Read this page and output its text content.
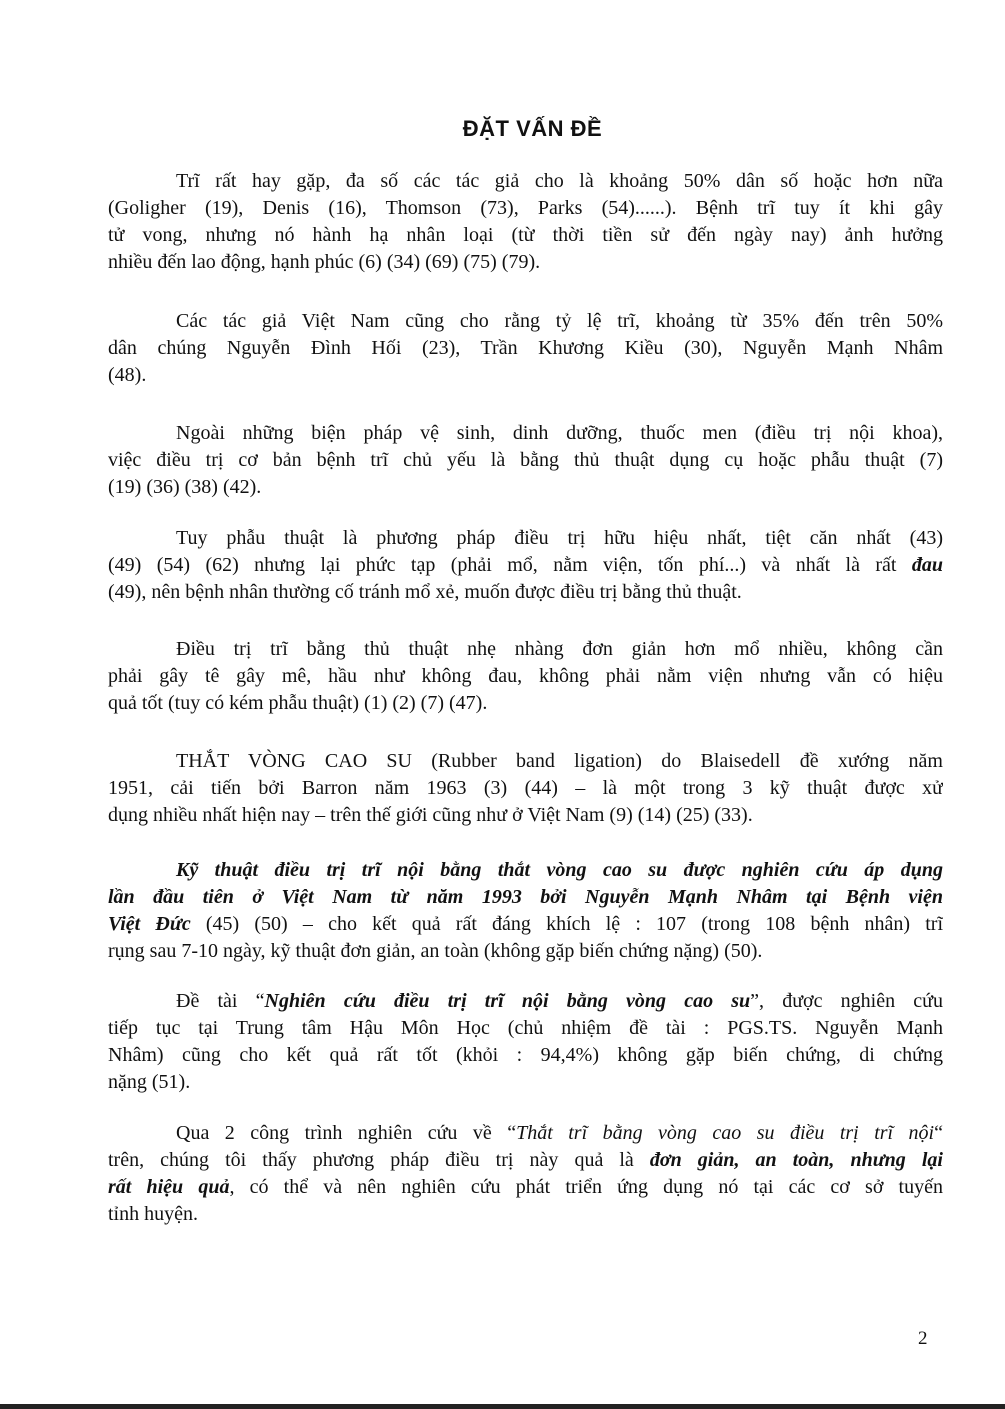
ĐẶT VẤN ĐỀ
Trĩ rất hay gặp, đa số các tác giả cho là khoảng 50% dân số hoặc hơn nữa
(Goligher (19), Denis (16), Thomson (73), Parks (54)......). Bệnh trĩ tuy ít khi gây
tử vong, nhưng nó hành hạ nhân loại (từ thời tiền sử đến ngày nay) ảnh hưởng
nhiều đến lao động, hạnh phúc (6) (34) (69) (75) (79).
Các tác giả Việt Nam cũng cho rằng tỷ lệ trĩ, khoảng từ 35% đến trên 50%
dân chúng Nguyễn Đình Hối (23), Trần Khương Kiều (30), Nguyễn Mạnh Nhâm
(48).
Ngoài những biện pháp vệ sinh, dinh dưỡng, thuốc men (điều trị nội khoa),
việc điều trị cơ bản bệnh trĩ chủ yếu là bằng thủ thuật dụng cụ hoặc phẫu thuật (7)
(19) (36) (38) (42).
Tuy phẫu thuật là phương pháp điều trị hữu hiệu nhất, tiệt căn nhất (43)
(49) (54) (62) nhưng lại phức tạp (phải mổ, nằm viện, tốn phí...) và nhất là rất đau
(49), nên bệnh nhân thường cố tránh mổ xẻ, muốn được điều trị bằng thủ thuật.
Điều trị trĩ bằng thủ thuật nhẹ nhàng đơn giản hơn mổ nhiều, không cần
phải gây tê gây mê, hầu như không đau, không phải nằm viện nhưng vẫn có hiệu
quả tốt (tuy có kém phẫu thuật) (1) (2) (7) (47).
THẮT VÒNG CAO SU (Rubber band ligation) do Blaisedell đề xướng năm
1951, cải tiến bởi Barron năm 1963 (3) (44) – là một trong 3 kỹ thuật được xử
dụng nhiều nhất hiện nay – trên thế giới cũng như ở Việt Nam (9) (14) (25) (33).
Kỹ thuật điều trị trĩ nội bằng thắt vòng cao su được nghiên cứu áp dụng
lần đầu tiên ở Việt Nam từ năm 1993 bởi Nguyễn Mạnh Nhâm tại Bệnh viện
Việt Đức (45) (50) – cho kết quả rất đáng khích lệ : 107 (trong 108 bệnh nhân) trĩ
rụng sau 7-10 ngày, kỹ thuật đơn giản, an toàn (không gặp biến chứng nặng) (50).
Đề tài “Nghiên cứu điều trị trĩ nội bằng vòng cao su”, được nghiên cứu
tiếp tục tại Trung tâm Hậu Môn Học (chủ nhiệm đề tài : PGS.TS. Nguyễn Mạnh
Nhâm) cũng cho kết quả rất tốt (khỏi : 94,4%) không gặp biến chứng, di chứng
nặng (51).
Qua 2 công trình nghiên cứu về “Thắt trĩ bằng vòng cao su điều trị trĩ nội“
trên, chúng tôi thấy phương pháp điều trị này quả là đơn giản, an toàn, nhưng lại
rất hiệu quả, có thể và nên nghiên cứu phát triển ứng dụng nó tại các cơ sở tuyến
tỉnh huyện.
2
